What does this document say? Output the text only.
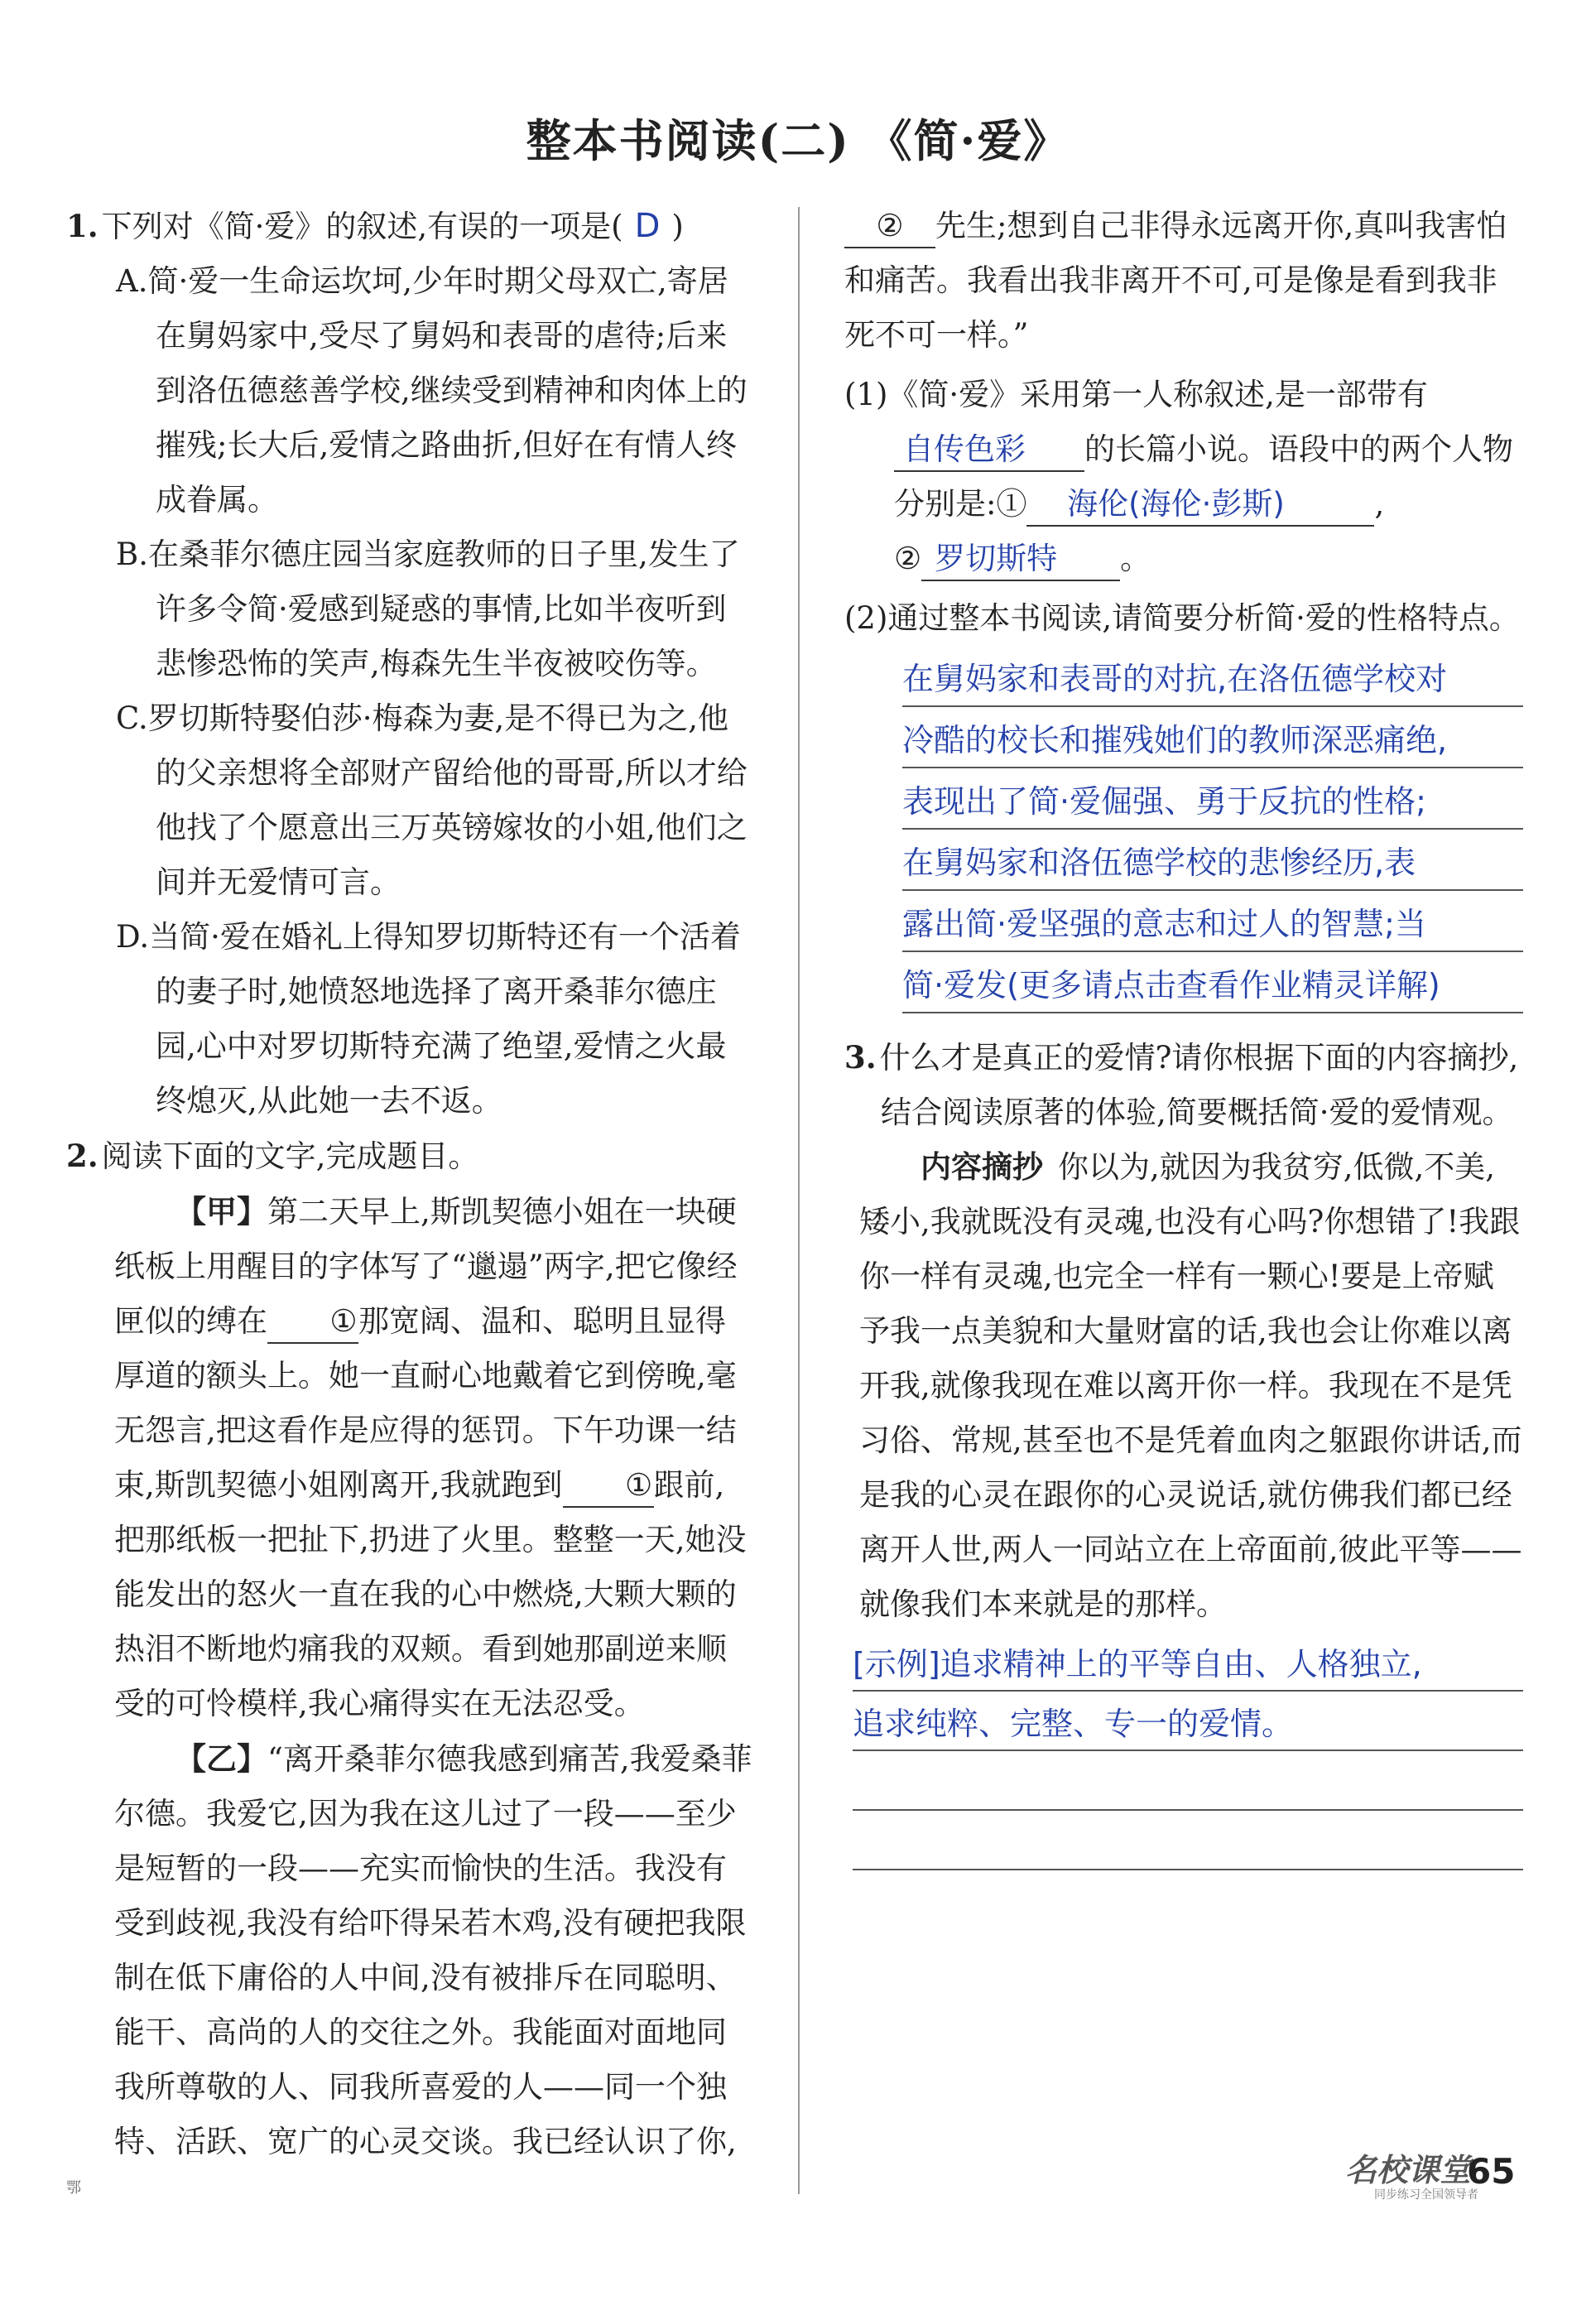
整本书阅读(二) 《简·爱》

1. 下列对《简·爱》的叙述,有误的一项是( D )

A.简·爱一生命运坎坷,少年时期父母双亡,寄居在舅妈家中,受尽了舅妈和表哥的虐待;后来到洛伍德慈善学校,继续受到精神和肉体上的摧残;长大后,爱情之路曲折,但好在有情人终成眷属。

B.在桑菲尔德庄园当家庭教师的日子里,发生了许多令简·爱感到疑惑的事情,比如半夜听到悲惨恐怖的笑声,梅森先生半夜被咬伤等。

C.罗切斯特娶伯莎·梅森为妻,是不得已为之,他的父亲想将全部财产留给他的哥哥,所以才给他找了个愿意出三万英镑嫁妆的小姐,他们之间并无爱情可言。

D.当简·爱在婚礼上得知罗切斯特还有一个活着的妻子时,她愤怒地选择了离开桑菲尔德庄园,心中对罗切斯特充满了绝望,爱情之火最终熄灭,从此她一去不返。

2. 阅读下面的文字,完成题目。

【甲】第二天早上,斯凯契德小姐在一块硬纸板上用醒目的字体写了“邋遢”两字,把它像经匣似的缚在 ①那宽阔、温和、聪明且显得厚道的额头上。她一直耐心地戴着它到傍晚,毫无怨言,把这看作是应得的惩罚。下午功课一结束,斯凯契德小姐刚离开,我就跑到 ①跟前,把那纸板一把扯下,扔进了火里。整整一天,她没能发出的怒火一直在我的心中燃烧,大颗大颗的热泪不断地灼痛我的双颊。看到她那副逆来顺受的可怜模样,我心痛得实在无法忍受。

【乙】“离开桑菲尔德我感到痛苦,我爱桑菲尔德。我爱它,因为我在这儿过了一段——至少是短暂的一段——充实而愉快的生活。我没有受到歧视,我没有给吓得呆若木鸡,没有硬把我限制在低下庸俗的人中间,没有被排斥在同聪明、能干、高尚的人的交往之外。我能面对面地同我所尊敬的人、同我所喜爱的人——同一个独特、活跃、宽广的心灵交谈。我已经认识了你,

② 先生;想到自己非得永远离开你,真叫我害怕和痛苦。我看出我非离开不可,可是像是看到我非死不可一样。”

(1)《简·爱》采用第一人称叙述,是一部带有自传色彩 的长篇小说。语段中的两个人物分别是:① 海伦(海伦·彭斯)	,
② 罗切斯特 。

(2)通过整本书阅读,请简要分析简·爱的性格特点。

在舅妈家和表哥的对抗,在洛伍德学校对
冷酷的校长和摧残她们的教师深恶痛绝,
表现出了简·爱倔强、勇于反抗的性格;
在舅妈家和洛伍德学校的悲惨经历,表
露出简·爱坚强的意志和过人的智慧;当
简·爱发(更多请点击查看作业精灵详解)

3. 什么才是真正的爱情?请你根据下面的内容摘抄,结合阅读原著的体验,简要概括简·爱的爱情观。

内容摘抄 你以为,就因为我贫穷,低微,不美,矮小,我就既没有灵魂,也没有心吗?你想错了!我跟你一样有灵魂,也完全一样有一颗心!要是上帝赋予我一点美貌和大量财富的话,我也会让你难以离开我,就像我现在难以离开你一样。我现在不是凭习俗、常规,甚至也不是凭着血肉之躯跟你讲话,而是我的心灵在跟你的心灵说话,就仿佛我们都已经离开人世,两人一同站立在上帝面前,彼此平等——就像我们本来就是的那样。

[示例]追求精神上的平等自由、人格独立,
追求纯粹、完整、专一的爱情。
鄂	名校课堂
同步练习全国领导者
65
